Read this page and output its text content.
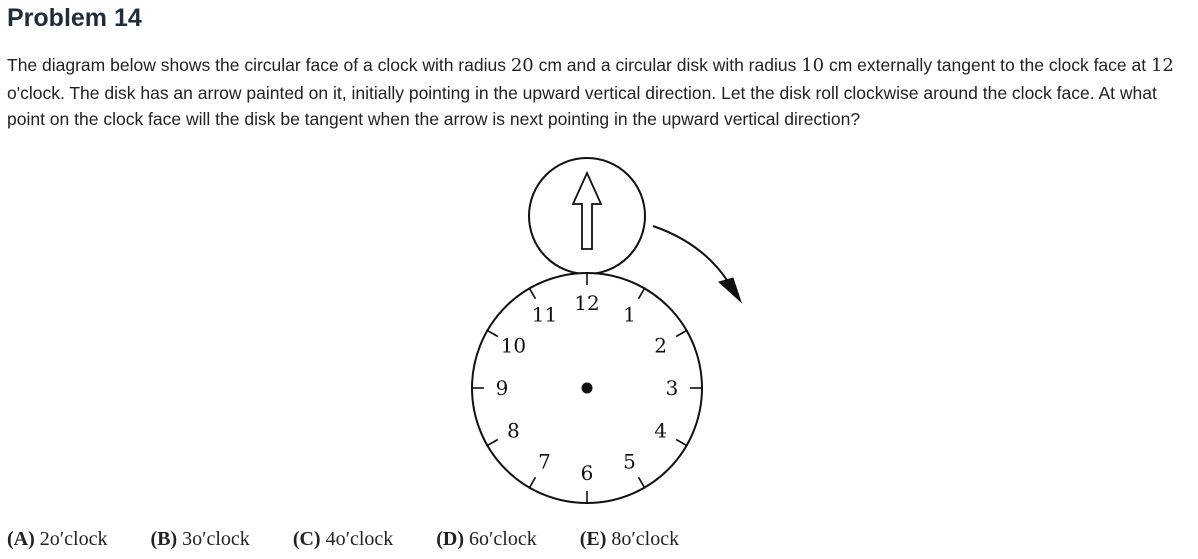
Problem 14

The diagram below shows the circular face of a clock with radius 20 cm and a circular disk with radius 10 cm externally tangent to the clock face at 12 o'clock. The disk has an arrow painted on it, initially pointing in the upward vertical direction. Let the disk roll clockwise around the clock face. At what point on the clock face will the disk be tangent when the arrow is next pointing in the upward vertical direction?

12 1
2
3
4
5
6
7
8
9
10
11
(A) 2o′clock (B) 3o′clock (C) 4o′clock (D) 6o′clock (E) 8o′clock
